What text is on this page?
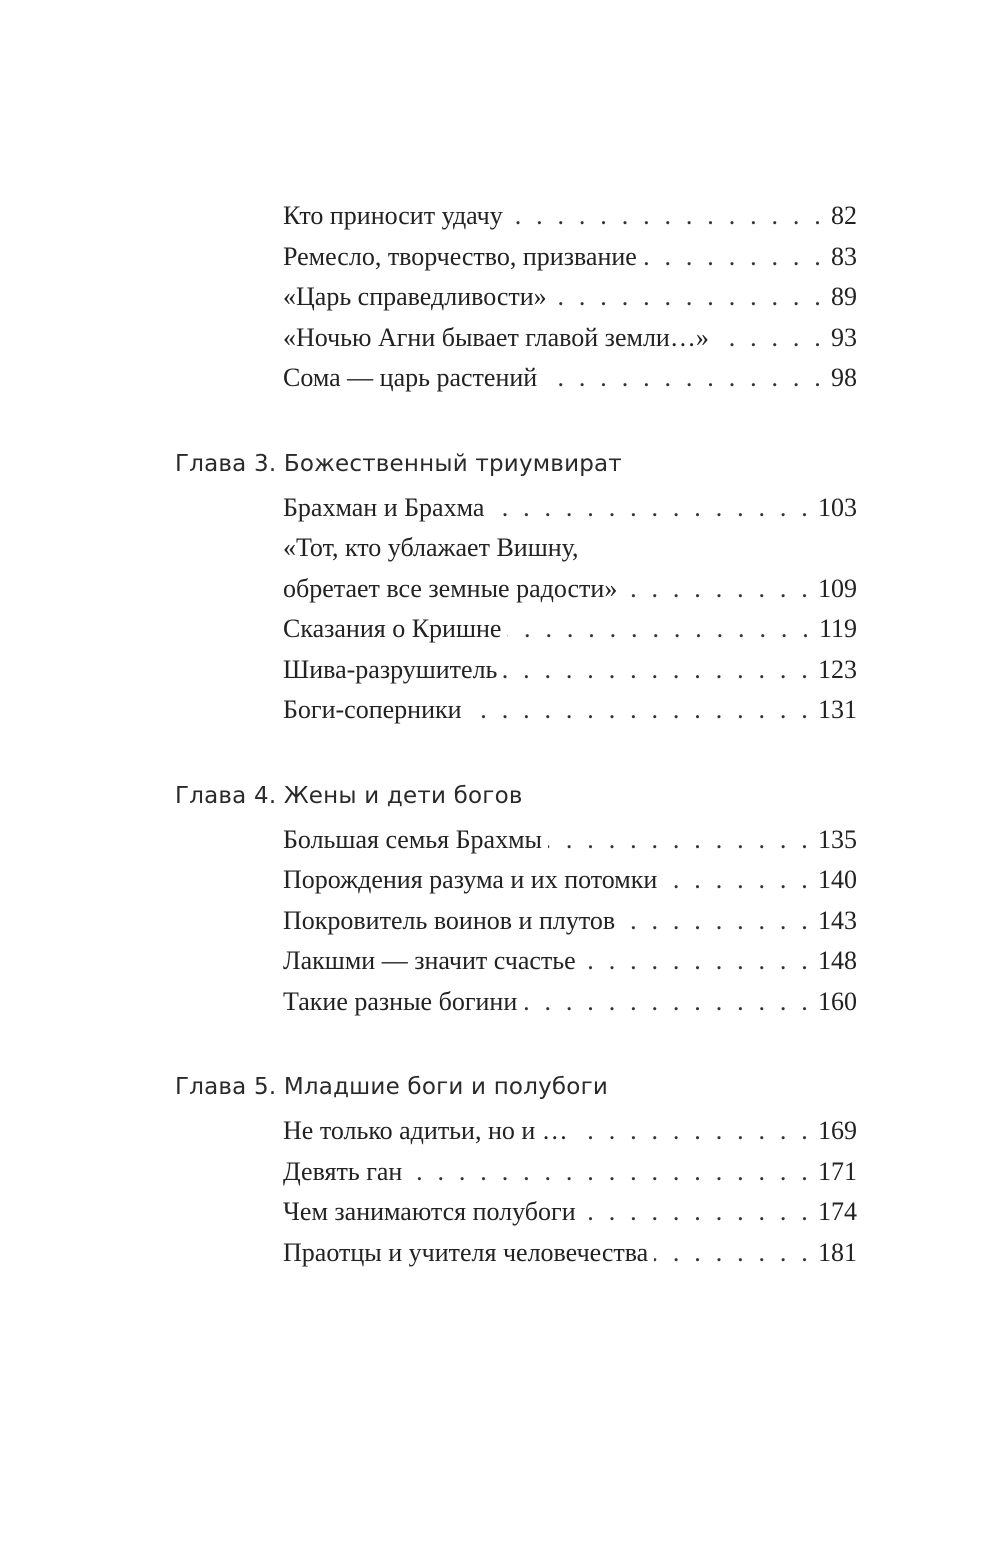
Кто приносит удачу . . .	82
Ремесло, творчество, призвание . . .	83
«Царь справедливости» . . .	89
«Ночью Агни бывает главой земли…» . . .	93
Сома — царь растений . . .	98
Глава 3. Божественный триумвират
Брахман и Брахма . . .	103
«Тот, кто ублажает Вишну,
обретает все земные радости» . . .	109
Сказания о Кришне . . .	119
Шива-разрушитель . . .	123
Боги-соперники . . .	131
Глава 4. Жены и дети богов
Большая семья Брахмы . . .	135
Порождения разума и их потомки . . .	140
Покровитель воинов и плутов . . .	143
Лакшми — значит счастье . . .	148
Такие разные богини . . .	160
Глава 5. Младшие боги и полубоги
Не только адитьи, но и … . . .	169
Девять ган . . .	171
Чем занимаются полубоги . . .	174
Праотцы и учителя человечества . . .	181
